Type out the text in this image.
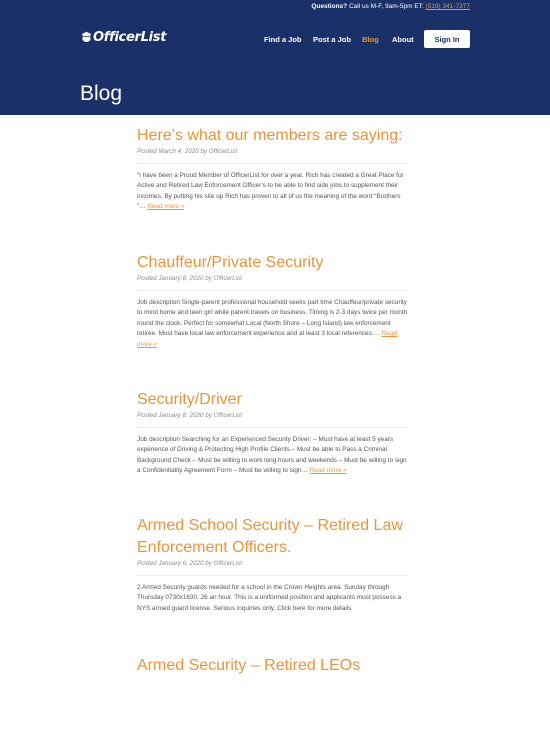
Questions? Call us M-F, 9am-5pm ET: (516) 341-7377
OfficerList	Find a Job Post a Job Blog About	Sign In
Blog
Here’s what our members are saying:
Posted March 4, 2020 by OfficerList

“I have been a Proud Member of OfficerList for over a year. Rich has created a Great Place for Active and Retired Law Enforcement Officer’s to be able to find side jobs to supplement their incomes. By putting his site up Rich has proven to all of us the meaning of the word “Brothers ”… Read more »

Chauffeur/Private Security
Posted January 8, 2020 by OfficerList

Job description Single-parent professional household seeks part time Chauffeur/private security to mind home and teen girl while parent travels on business. Timing is 2-3 days twice per month round the clock. Perfect for somewhat Local (North Shore – Long Island) law enforcement retiree. Must have local law enforcement experience and at least 3 local references.… Read more »

Security/Driver
Posted January 8, 2020 by OfficerList

Job description Searching for an Experienced Security Driver: – Must have at least 5 years experience of Driving & Protecting High Profile Clients.– Must be able to Pass a Criminal Background Check – Must be willing to work long hours and weekends – Must be willing to sign a Confidentiality Agreement Form – Must be willing to sign… Read more »

Armed School Security – Retired Law Enforcement Officers.
Posted January 6, 2020 by OfficerList

2 Armed Security guards needed for a school in the Crown Heights area. Sunday through Thursday 0730x1630. 26 an hour. This is a uniformed position and applicants must possess a NYS armed guard license. Serious inquiries only. Click here for more details

Armed Security – Retired LEOs
